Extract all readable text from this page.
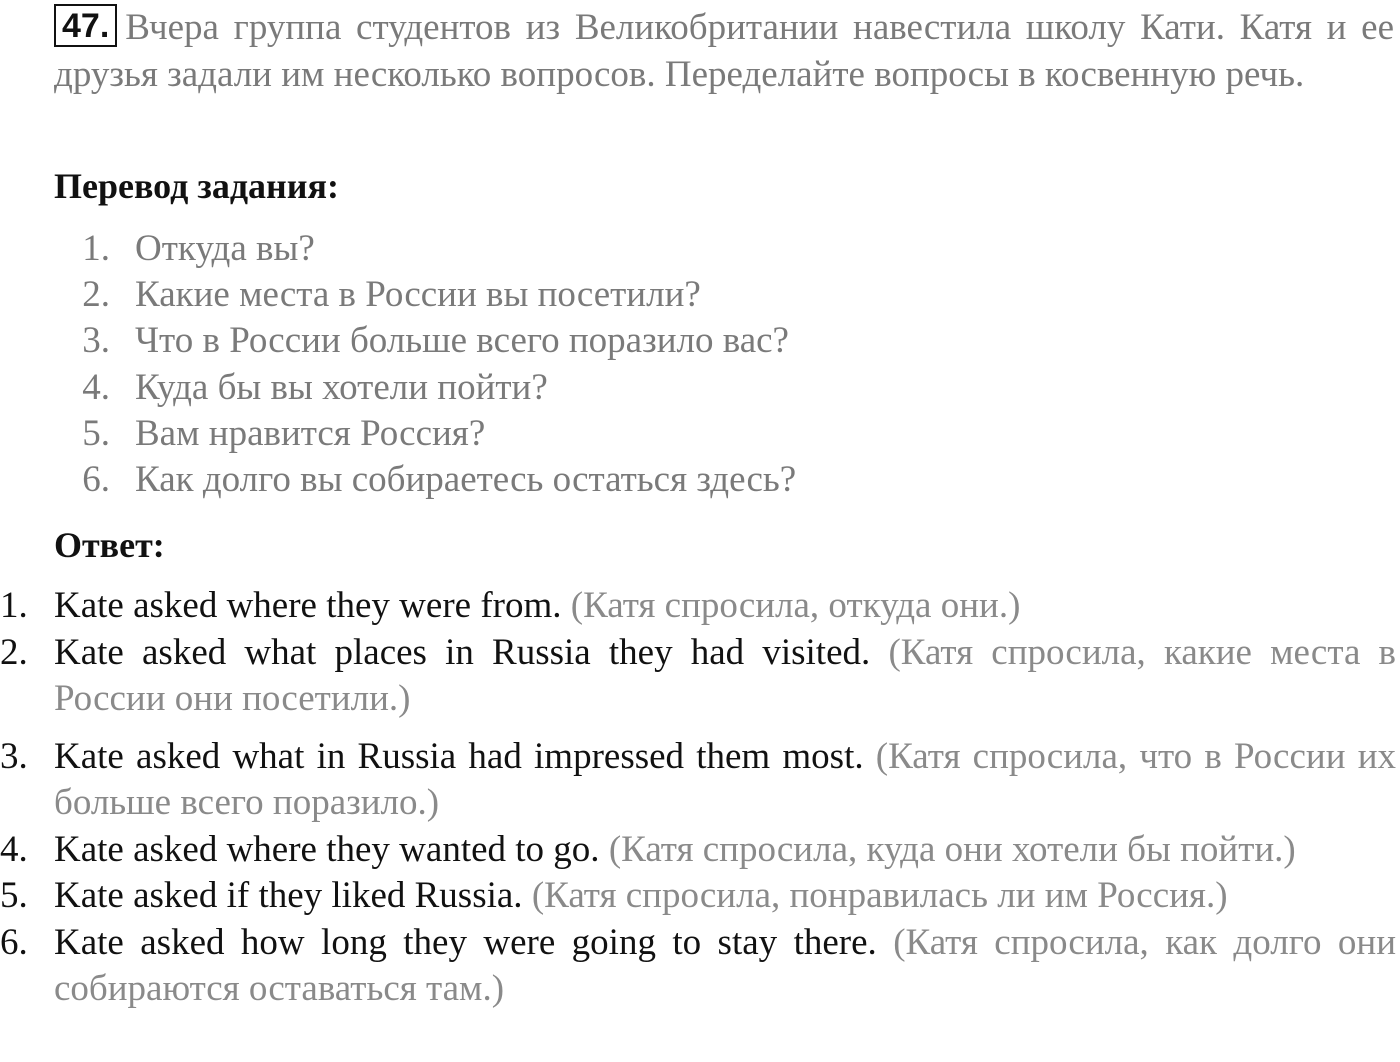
47. Вчера группа студентов из Великобритании навестила школу Кати. Катя и ее друзья задали им несколько вопросов. Переделайте вопросы в косвенную речь.
Перевод задания:
1 . Откуда вы?
2 . Какие места в России вы посетили?
3 . Что в России больше всего поразило вас?
4 . Куда бы вы хотели пойти?
5 . Вам нравится Россия?
6 . Как долго вы собираетесь остаться здесь?
Ответ:
1 . Kate asked where they were from. (Катя спросила, откуда они.)
2 . Kate asked what places in Russia they had visited. (Катя спросила, какие места в России они посетили.)
3 . Kate asked what in Russia had impressed them most. (Катя спросила, что в России их больше всего поразило.)
4 . Kate asked where they wanted to go. (Катя спросила, куда они хотели бы пойти.)
5 . Kate asked if they liked Russia. (Катя спросила, понравилась ли им Россия.)
6 . Kate asked how long they were going to stay there. (Катя спросила, как долго они собираются оставаться там.)
